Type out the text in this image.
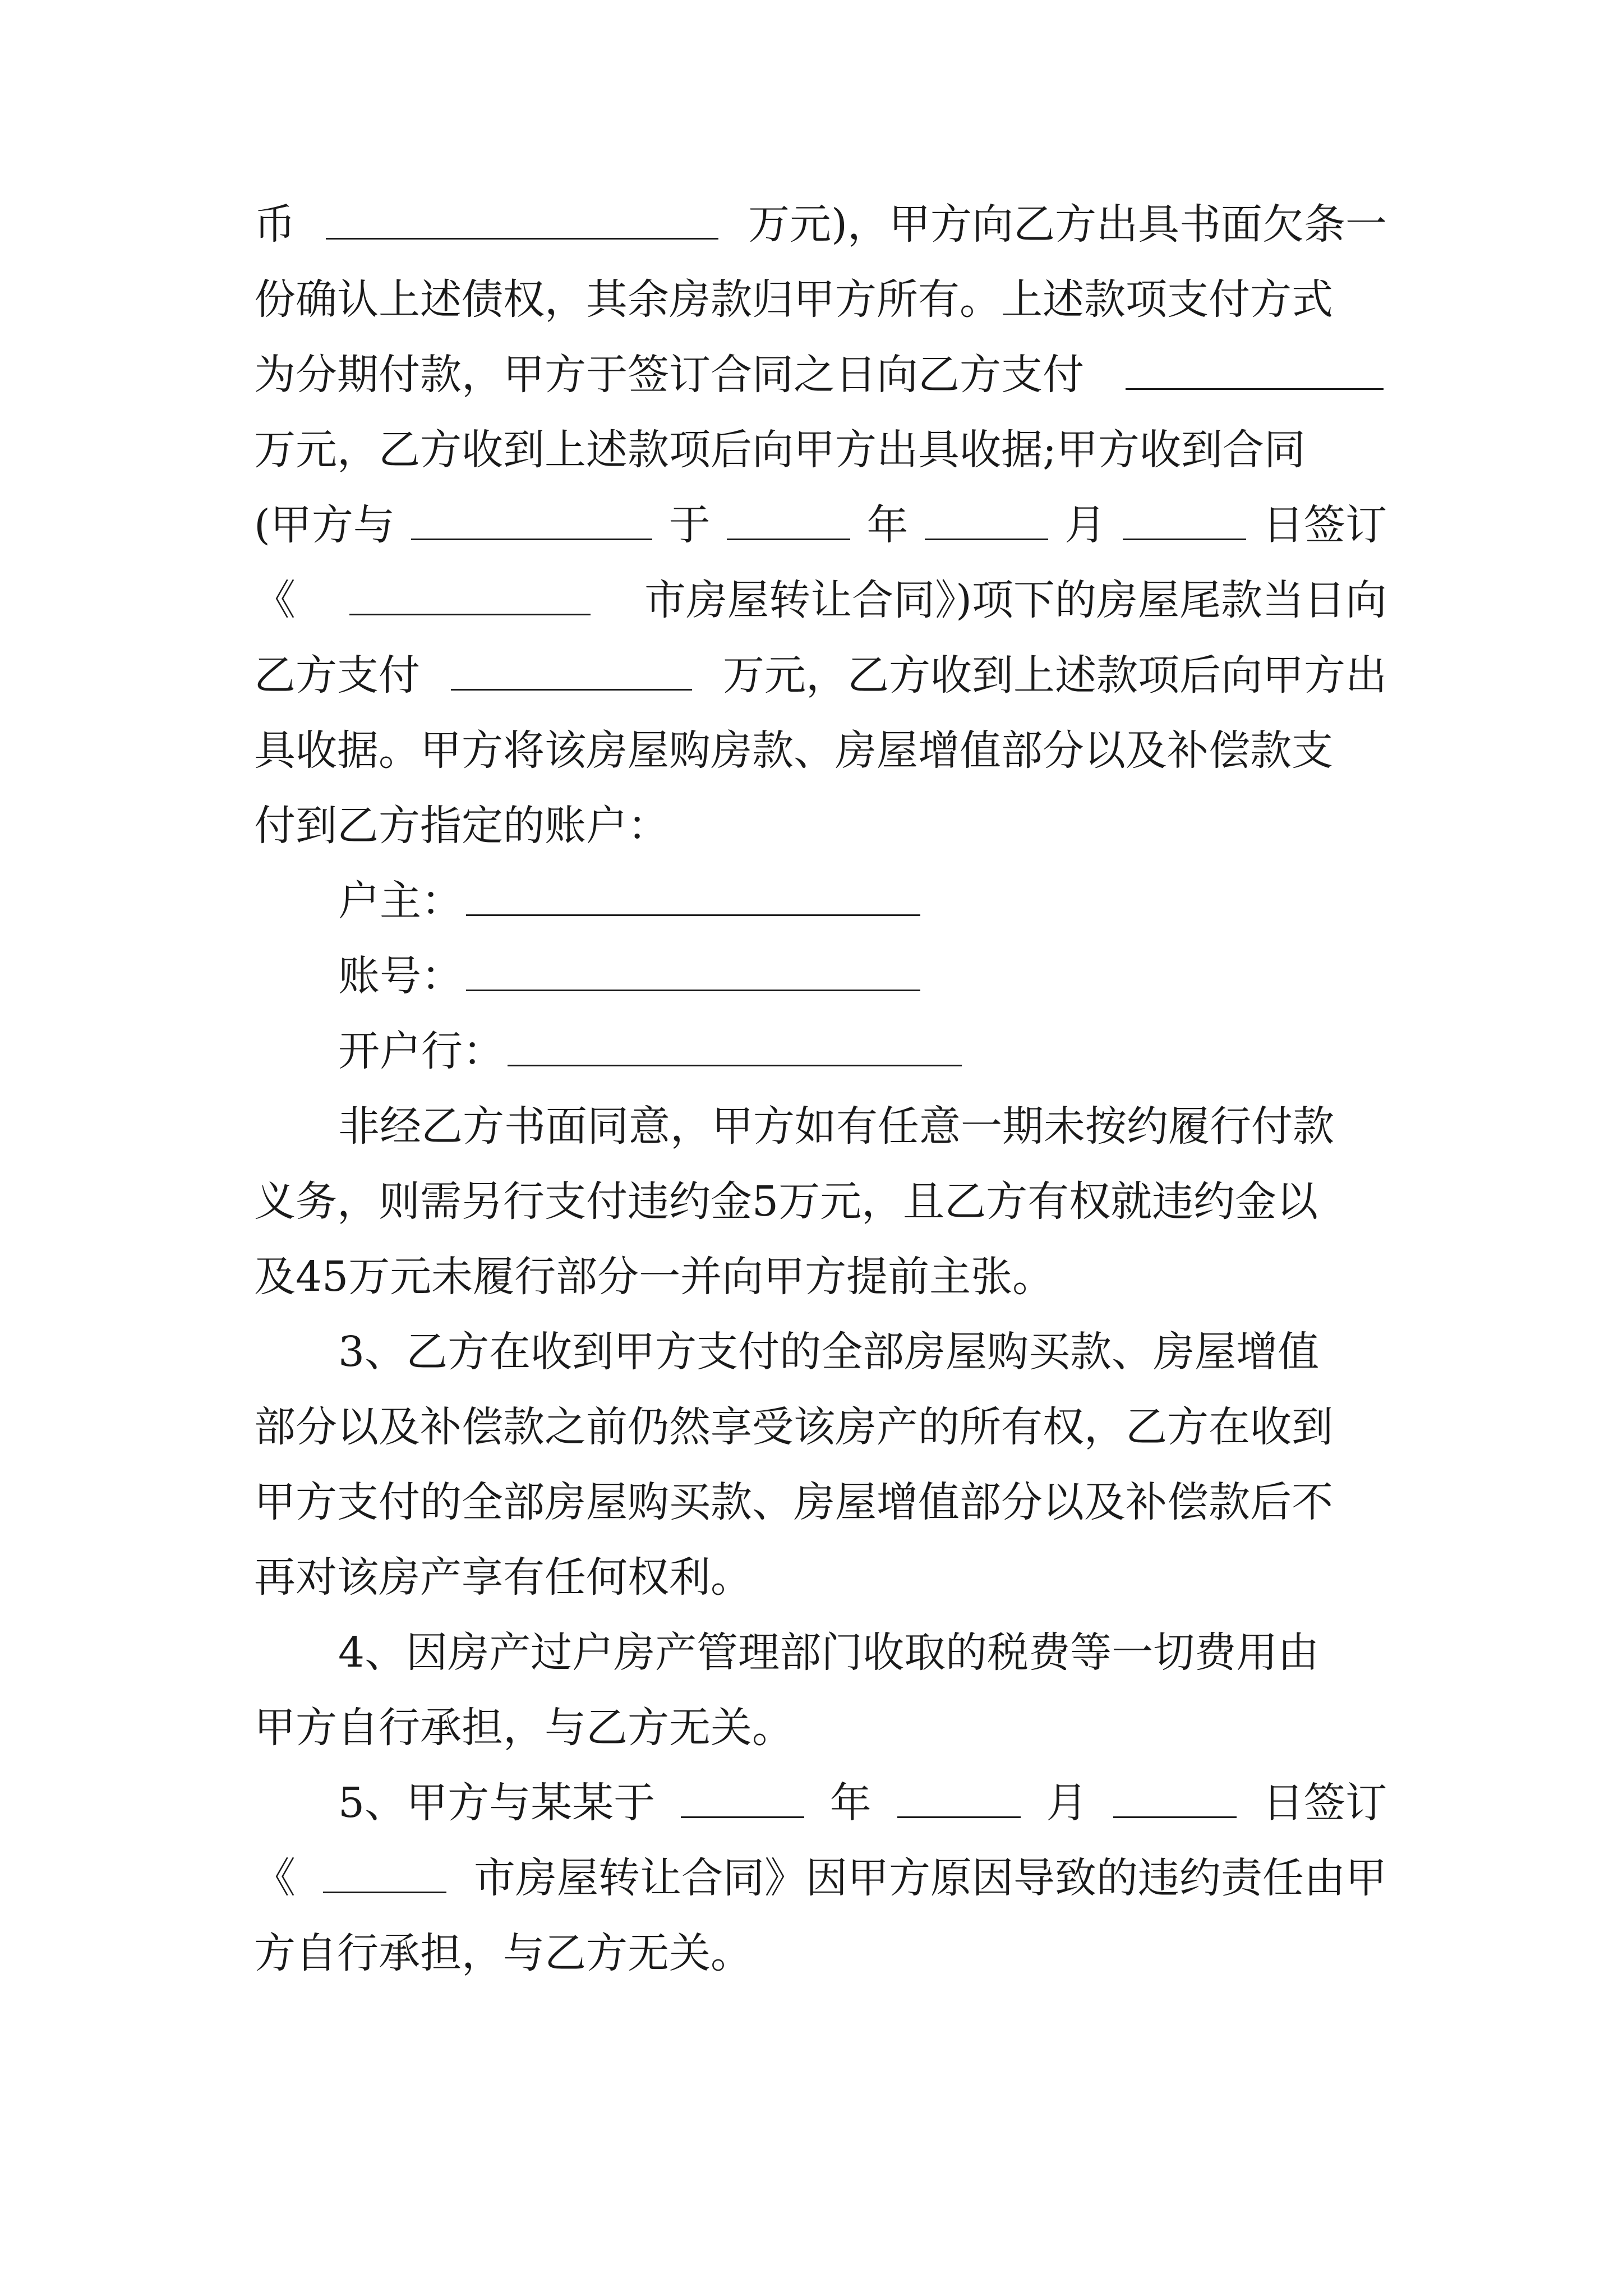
币	万元)，甲方向乙方出具书面欠条一
份确认上述债权，其余房款归甲方所有。上述款项支付方式
为分期付款，甲方于签订合同之日向乙方支付
万元，乙方收到上述款项后向甲方出具收据;甲方收到合同
(甲方与	于	年	月	日签订
《	市房屋转让合同》)项下的房屋尾款当日向
乙方支付	万元，乙方收到上述款项后向甲方出
具收据。甲方将该房屋购房款、房屋增值部分以及补偿款支
付到乙方指定的账户：
户主：
账号：
开户行：
非经乙方书面同意，甲方如有任意一期未按约履行付款
义务，则需另行支付违约金5万元，且乙方有权就违约金以
及45万元未履行部分一并向甲方提前主张。
3、乙方在收到甲方支付的全部房屋购买款、房屋增值
部分以及补偿款之前仍然享受该房产的所有权，乙方在收到
甲方支付的全部房屋购买款、房屋增值部分以及补偿款后不
再对该房产享有任何权利。
4、因房产过户房产管理部门收取的税费等一切费用由
甲方自行承担，与乙方无关。
5、甲方与某某于	年	月	日签订
《	市房屋转让合同》因甲方原因导致的违约责任由甲
方自行承担，与乙方无关。
